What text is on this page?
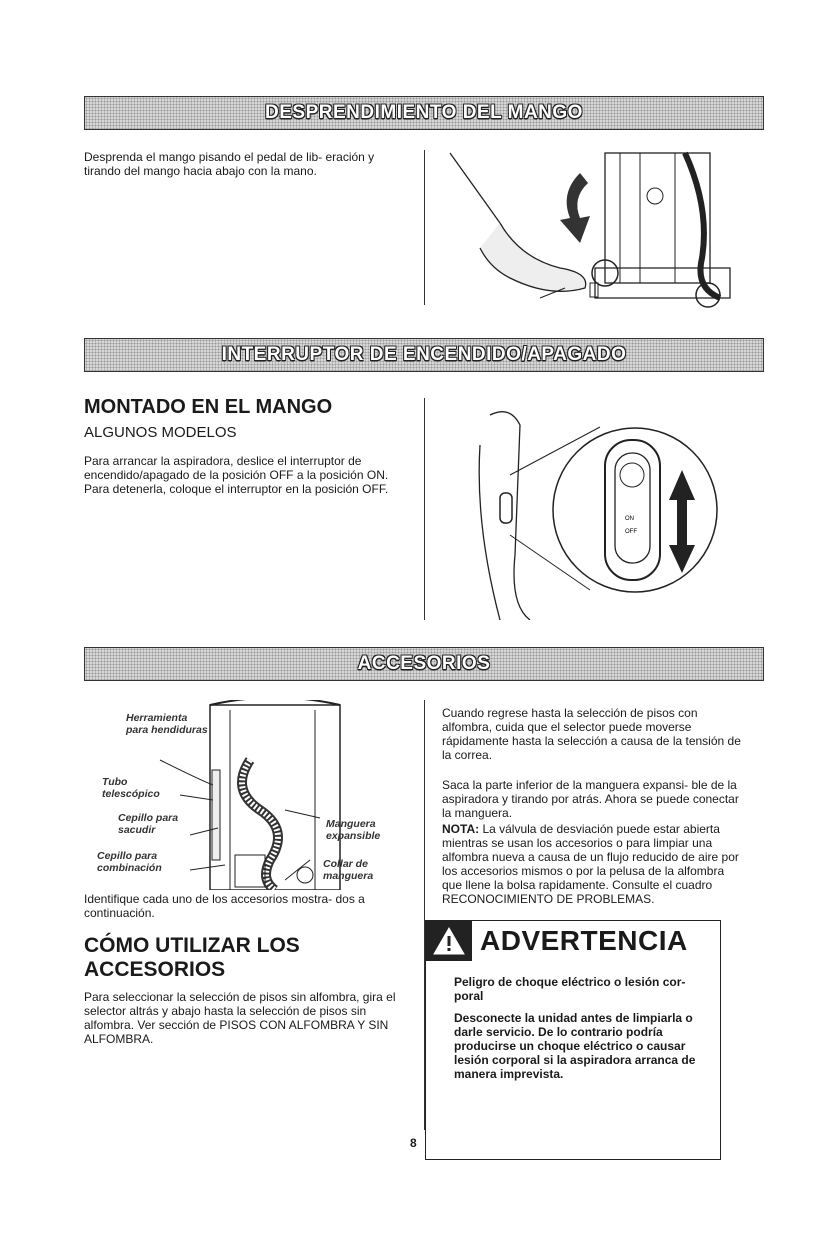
DESPRENDIMIENTO DEL MANGO
Desprenda el mango pisando el pedal de lib- eración y tirando del mango hacia abajo con la mano.
INTERRUPTOR DE ENCENDIDO/APAGADO
MONTADO EN EL MANGO
ALGUNOS MODELOS
Para arrancar la aspiradora, deslice el interruptor de encendido/apagado de la posición OFF a la posición ON. Para detenerla, coloque el interruptor en la posición OFF.
ON
OFF
ACCESORIOS
Herramienta para hendiduras
Tubo telescópico
Cepillo para sacudir
Cepillo para combinación
Manguera expansible
Collar de manguera
Identifique cada uno de los accesorios mostra- dos a continuación.
CÓMO UTILIZAR LOS ACCESORIOS
Para seleccionar la selección de pisos sin alfombra, gira el selector altrás y abajo hasta la selección de pisos sin alfombra. Ver sección de PISOS CON ALFOMBRA Y SIN ALFOMBRA.
Cuando regrese hasta la selección de pisos con alfombra, cuida que el selector puede moverse rápidamente hasta la selección a causa de la tensión de la correa.
Saca la parte inferior de la manguera expansi- ble de la aspiradora y tirando por atrás. Ahora se puede conectar la manguera.
NOTA: La válvula de desviación puede estar abierta mientras se usan los accesorios o para limpiar una alfombra nueva a causa de un flujo reducido de aire por los accesorios mismos o por la pelusa de la alfombra que llene la bolsa rapidamente. Consulte el cuadro RECONOCIMIENTO DE PROBLEMAS.
ADVERTENCIA

Peligro de choque eléctrico o lesión cor- poral

Desconecte la unidad antes de limpiarla o darle servicio. De lo contrario podría producirse un choque eléctrico o causar lesión corporal si la aspiradora arranca de manera imprevista.

8
